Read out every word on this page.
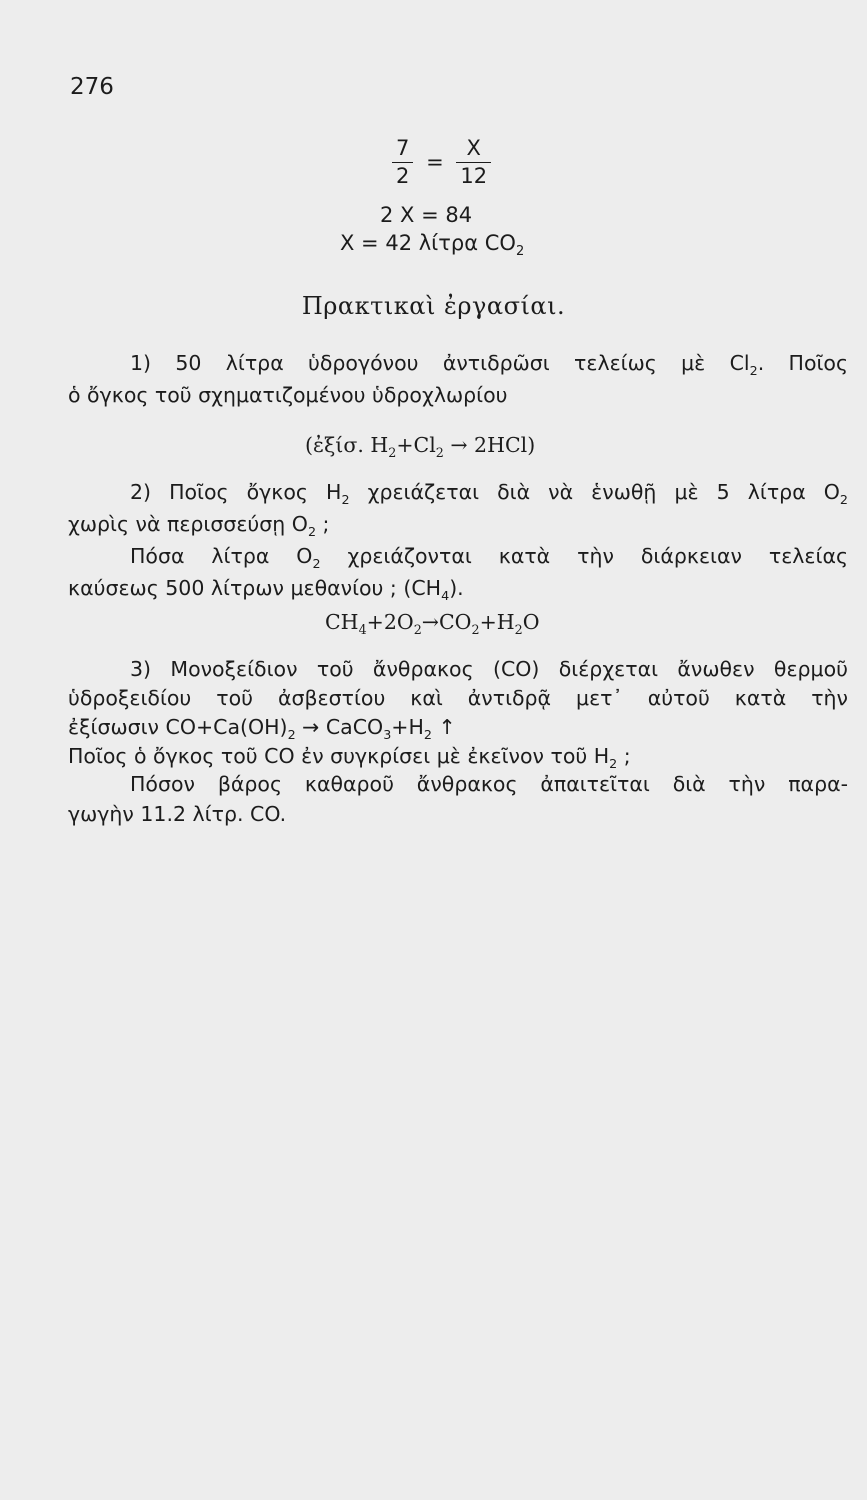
276
$\frac{7}{2} = \frac{X}{12}$
2 X = 84
X = 42 λίτρα $CO_2$
Πρακτικαὶ ἐργασίαι.
1) 50 λίτρα ὑδρογόνου ἀντιδρῶσι τελείως μὲ $Cl_2$. Ποῖος
ὁ ὄγκος τοῦ σχηματιζομένου ὑδροχλωρίου
(ἐξίσ. $H_2+Cl_2 \to 2HCl$)
2) Ποῖος ὄγκος $H_2$ χρειάζεται διὰ νὰ ἑνωθῇ μὲ 5 λίτρα $O_2$
χωρὶς νὰ περισσεύσῃ $O_2$ ;
Πόσα λίτρα $O_2$ χρειάζονται κατὰ τὴν διάρκειαν τελείας
καύσεως 500 λίτρων μεθανίου ; $(CH_4)$.
$CH_4+2O_2\to CO_2+H_2O$
3) Μονοξείδιον τοῦ ἄνθρακος (CO) διέρχεται ἄνωθεν θερμοῦ
ὑδροξειδίου τοῦ ἀσβεστίου καὶ ἀντιδρᾷ μετ᾽ αὐτοῦ κατὰ τὴν
ἐξίσωσιν $CO+Ca(OH)_2$ → $CaCO_3+H_2$ ↑
Ποῖος ὁ ὄγκος τοῦ CO ἐν συγκρίσει μὲ ἐκεῖνον τοῦ $H_2$ ;
Πόσον βάρος καθαροῦ ἄνθρακος ἀπαιτεῖται διὰ τὴν παρα-
γωγὴν 11.2 λίτρ. CO.
